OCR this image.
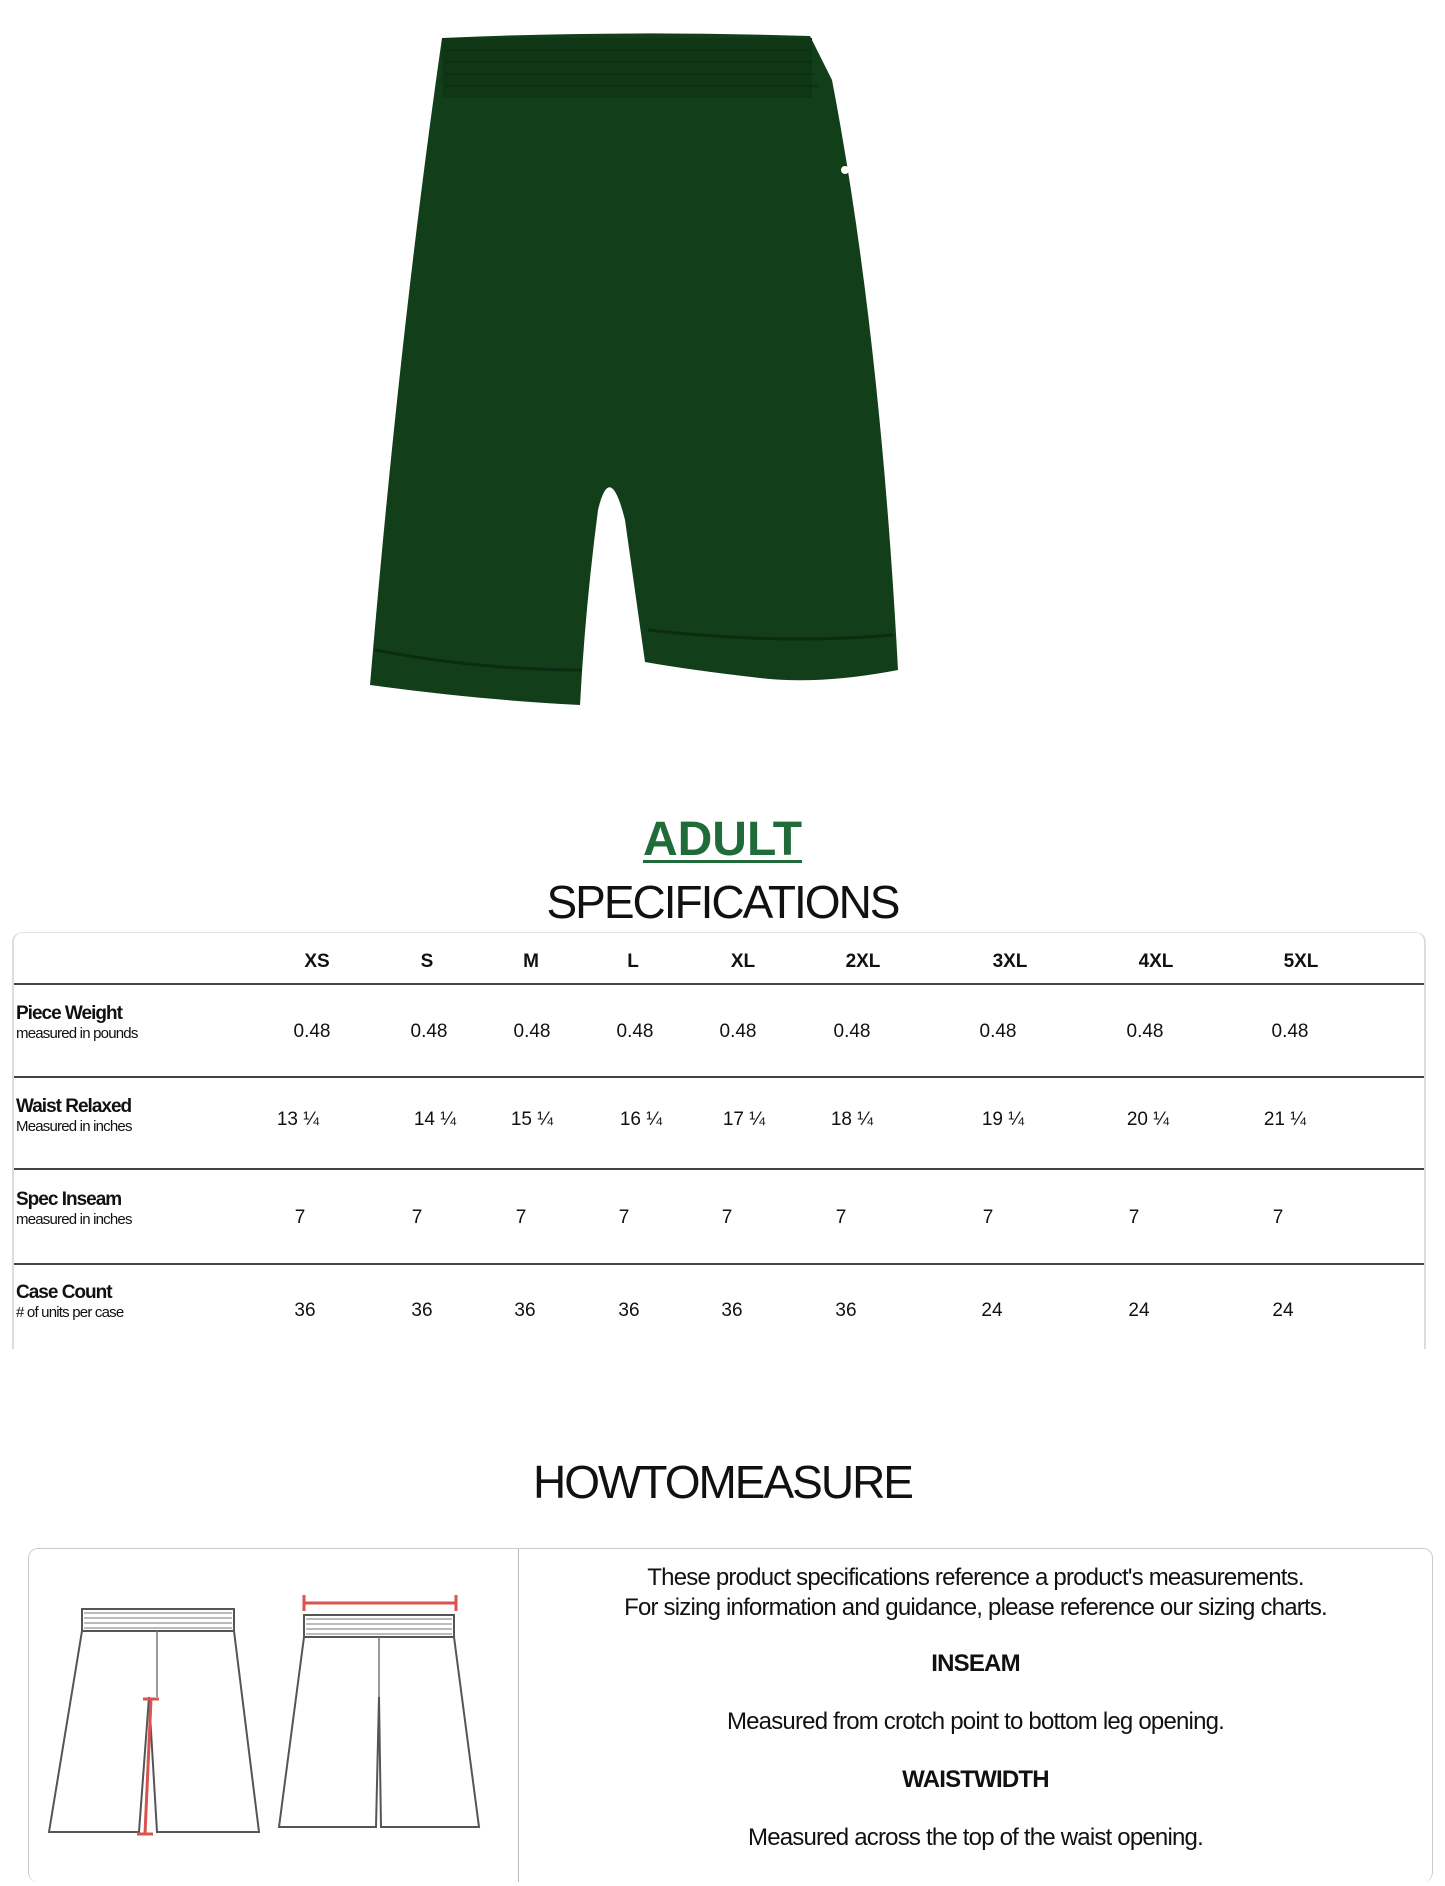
INCARNATION
ADULT
SPECIFICATIONS
XS	S	M	L	XL	2XL	3XL	4XL	5XL
Piece Weight
measured in pounds	0.48	0.48	0.48	0.48	0.48	0.48	0.48	0.48	0.48
Waist Relaxed
Measured in inches	13 ¼	14 ¼	15 ¼	16 ¼	17 ¼	18 ¼	19 ¼	20 ¼	21 ¼
Spec Inseam
measured in inches	7	7	7	7	7	7	7	7	7
Case Count
# of units per case	36	36	36	36	36	36	24	24	24
HOWTOMEASURE
These product specifications reference a product's measurements.
For sizing information and guidance, please reference our sizing charts.
INSEAM
Measured from crotch point to bottom leg opening.
WAISTWIDTH
Measured across the top of the waist opening.
